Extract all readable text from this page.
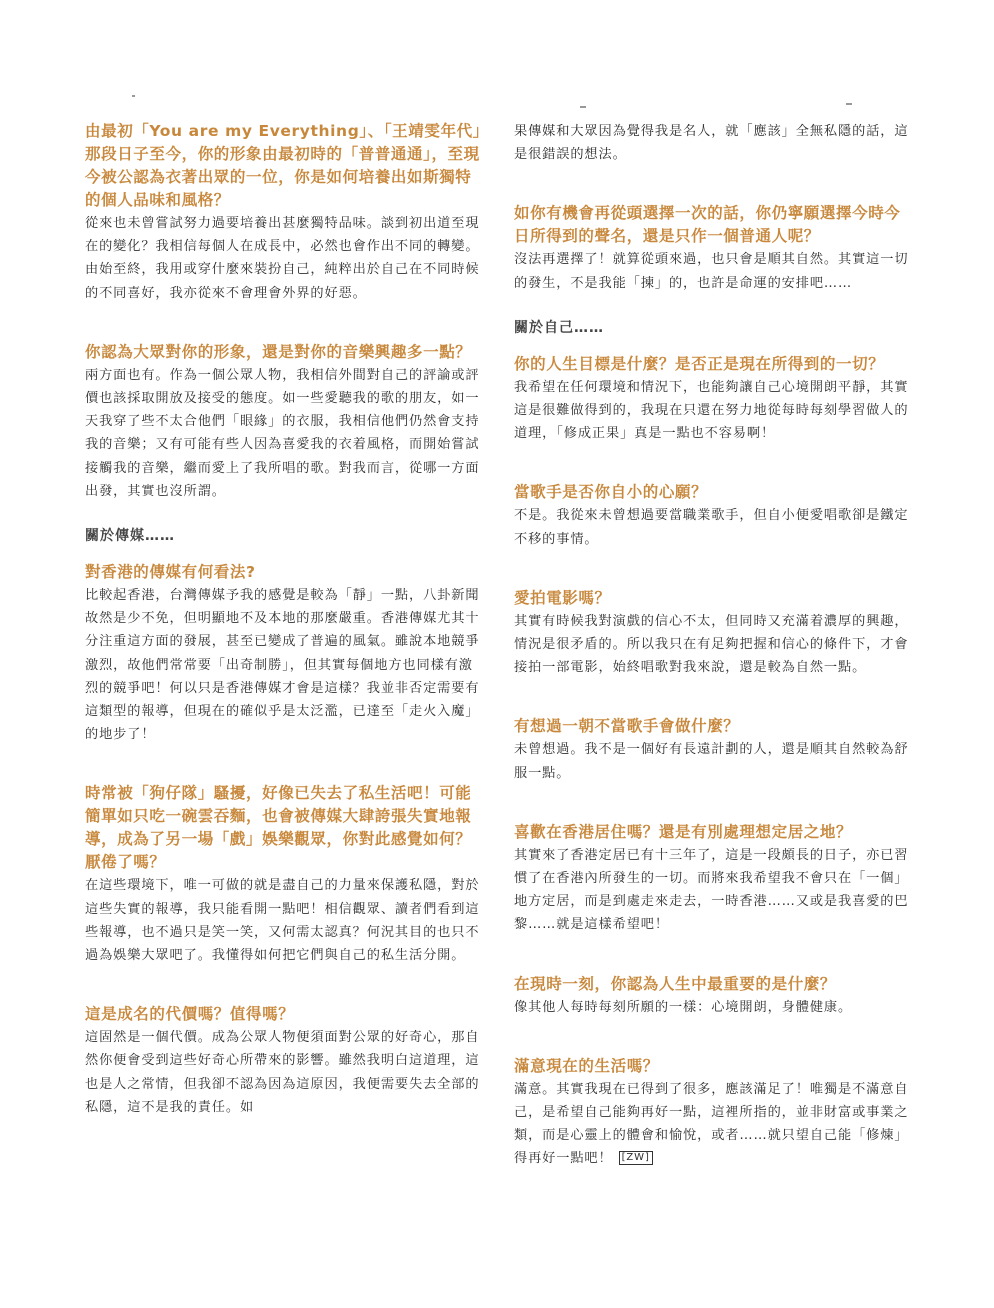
由最初「You are my Everything」、「王靖雯年代」那段日子至今，你的形象由最初時的「普普通通」，至現今被公認為衣著出眾的一位，你是如何培養出如斯獨特的個人品味和風格？

從來也未曾嘗試努力過要培養出甚麼獨特品味。談到初出道至現在的變化？我相信每個人在成長中，必然也會作出不同的轉變。由始至終，我用或穿什麼來裝扮自己，純粹出於自己在不同時候的不同喜好，我亦從來不會理會外界的好惡。

你認為大眾對你的形象，還是對你的音樂興趣多一點？

兩方面也有。作為一個公眾人物，我相信外間對自己的評論或評價也該採取開放及接受的態度。如一些愛聽我的歌的朋友，如一天我穿了些不太合他們「眼緣」的衣服，我相信他們仍然會支持我的音樂；又有可能有些人因為喜愛我的衣着風格，而開始嘗試接觸我的音樂，繼而愛上了我所唱的歌。對我而言，從哪一方面出發，其實也沒所謂。

關於傳媒……

對香港的傳媒有何看法?

比較起香港，台灣傳媒予我的感覺是較為「靜」一點，八卦新聞故然是少不免，但明顯地不及本地的那麼嚴重。香港傳媒尤其十分注重這方面的發展，甚至已變成了普遍的風氣。雖說本地競爭激烈，故他們常常要「出奇制勝」，但其實每個地方也同樣有激烈的競爭吧！何以只是香港傳媒才會是這樣？我並非否定需要有這類型的報導，但現在的確似乎是太泛濫，已達至「走火入魔」的地步了！

時常被「狗仔隊」騷擾，好像已失去了私生活吧！可能簡單如只吃一碗雲吞麵，也會被傳媒大肆誇張失實地報導，成為了另一場「戲」娛樂觀眾，你對此感覺如何？厭倦了嗎？

在這些環境下，唯一可做的就是盡自己的力量來保護私隱，對於這些失實的報導，我只能看開一點吧！相信觀眾、讀者們看到這些報導，也不過只是笑一笑，又何需太認真？何況其目的也只不過為娛樂大眾吧了。我懂得如何把它們與自己的私生活分開。

這是成名的代價嗎？值得嗎？

這固然是一個代價。成為公眾人物便須面對公眾的好奇心，那自然你便會受到這些好奇心所帶來的影響。雖然我明白這道理，這也是人之常情，但我卻不認為因為這原因，我便需要失去全部的私隱，這不是我的責任。如

果傳媒和大眾因為覺得我是名人，就「應該」全無私隱的話，這是很錯誤的想法。

如你有機會再從頭選擇一次的話，你仍寧願選擇今時今日所得到的聲名，還是只作一個普通人呢？

沒法再選擇了！就算從頭來過，也只會是順其自然。其實這一切的發生，不是我能「揀」的，也許是命運的安排吧……

關於自己……

你的人生目標是什麼？是否正是現在所得到的一切？

我希望在任何環境和情況下，也能夠讓自己心境開朗平靜，其實這是很難做得到的，我現在只還在努力地從每時每刻學習做人的道理，「修成正果」真是一點也不容易啊！

當歌手是否你自小的心願？

不是。我從來未曾想過要當職業歌手，但自小便愛唱歌卻是鐵定不移的事情。

愛拍電影嗎？

其實有時候我對演戲的信心不太，但同時又充滿着濃厚的興趣，情況是很矛盾的。所以我只在有足夠把握和信心的條件下，才會接拍一部電影，始終唱歌對我來說，還是較為自然一點。

有想過一朝不當歌手會做什麼？

未曾想過。我不是一個好有長遠計劃的人，還是順其自然較為舒服一點。

喜歡在香港居住嗎？還是有別處理想定居之地？

其實來了香港定居已有十三年了，這是一段頗長的日子，亦已習慣了在香港內所發生的一切。而將來我希望我不會只在「一個」地方定居，而是到處走來走去，一時香港……又或是我喜愛的巴黎……就是這樣希望吧！

在現時一刻，你認為人生中最重要的是什麼？

像其他人每時每刻所願的一樣：心境開朗，身體健康。

滿意現在的生活嗎？

滿意。其實我現在已得到了很多，應該滿足了！唯獨是不滿意自己，是希望自己能夠再好一點，這裡所指的，並非財富或事業之類，而是心靈上的體會和愉悅，或者……就只望自己能「修煉」得再好一點吧！ [ZW]
